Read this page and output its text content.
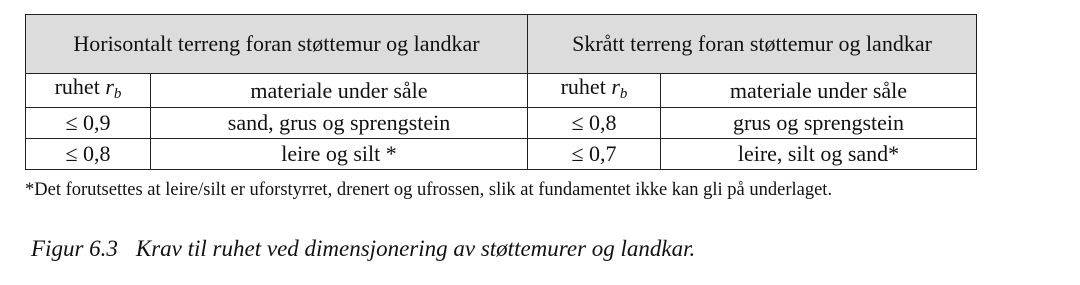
Horisontalt terreng foran støttemur og landkar		Skrått terreng foran støttemur og landkar	
ruhet $r_b$	materiale under såle	ruhet $r_b$	materiale under såle
≤ 0,9	sand, grus og sprengstein	≤ 0,8	grus og sprengstein
≤ 0,8	leire og silt *	≤ 0,7	leire, silt og sand*
*Det forutsettes at leire/silt er uforstyrret, drenert og ufrossen, slik at fundamentet ikke kan gli på underlaget.
Figur 6.3 Krav til ruhet ved dimensjonering av støttemurer og landkar.
